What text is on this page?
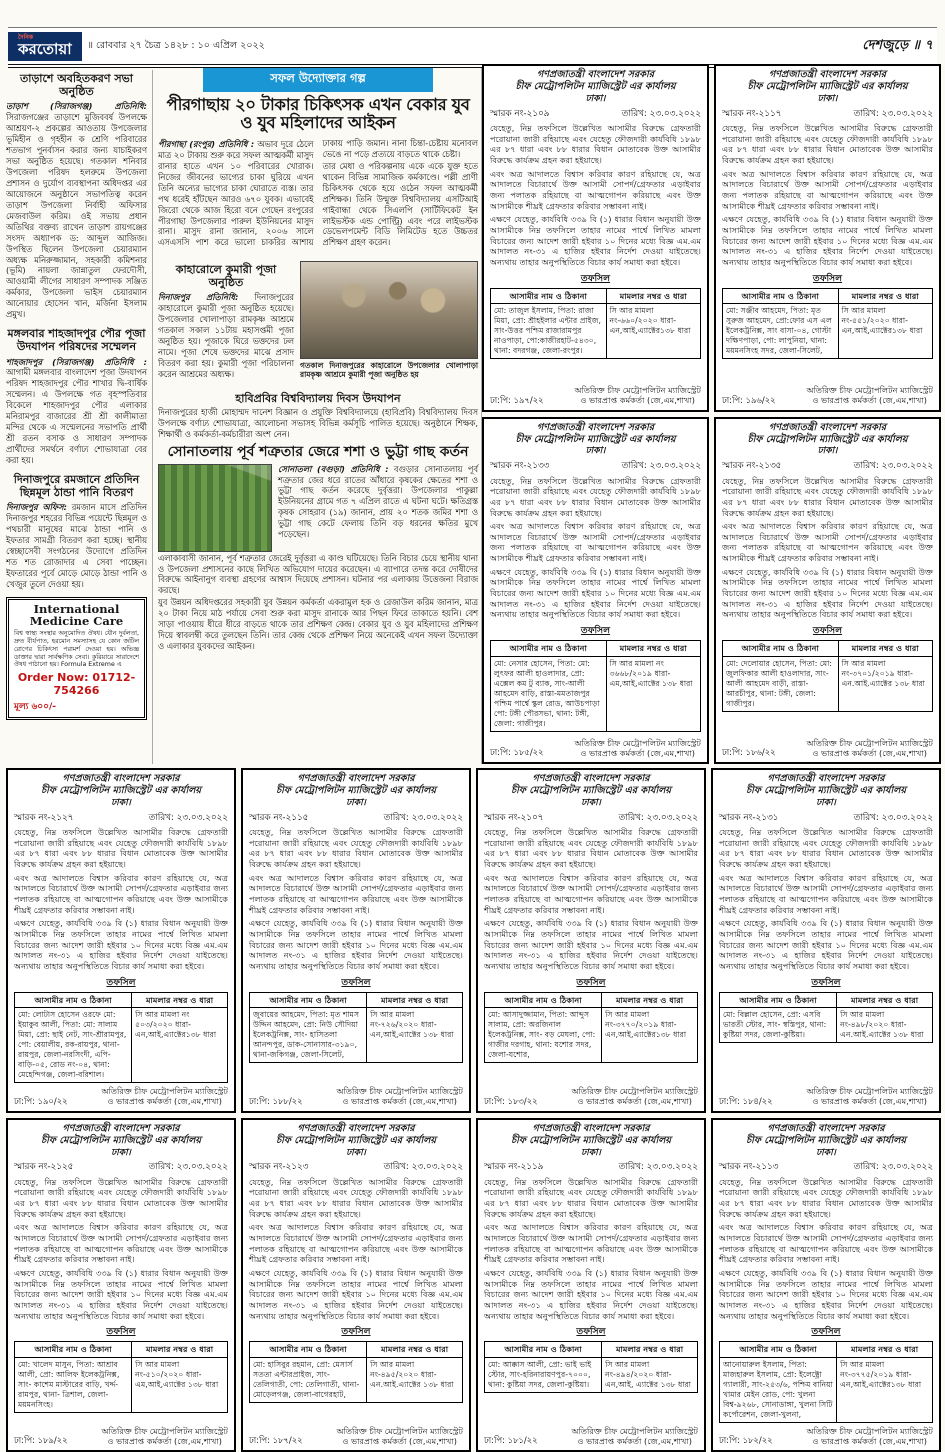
দৈনিক
করতোয়া	॥ রোববার ২৭ চৈত্র ১৪২৮ : ১০ এপ্রিল ২০২২	দেশজুড়ে ॥ ৭
তাড়াশে অবহিতকরণ সভা অনুষ্ঠিত

তাড়াশ (সিরাজগঞ্জ) প্রতিনিধি: সিরাজগঞ্জের তাড়াশে মুজিববর্ষ উপলক্ষে আশ্রয়ণ-২ প্রকল্পের আওতায় উপজেলার ভূমিহীন ও গৃহহীন ক শ্রেণি পরিবারের শতভাগ পুনর্বাসন করার জন্য যাচাইকরণ সভা অনুষ্ঠিত হয়েছে। গতকাল শনিবার উপজেলা পরিষদ হলরুমে উপজেলা প্রশাসন ও দুর্যোগ ব্যবস্থাপনা অধিদপ্তর এর আয়োজনে অনুষ্ঠানে সভাপতিত্ব করেন তাড়াশ উপজেলা নির্বাহী অফিসার মেজবাউল করিম। ওই সভায় প্রধান অতিথির বক্তব্য রাখেন তাড়াশ রায়গঞ্জের সংসদ অধ্যাপক ড: আব্দুল আজিজ। উপস্থিত ছিলেন উপজেলা চেয়ারম্যান অধ্যক্ষ মনিরুজ্জামান, সহকারী কমিশনার (ভূমি) নায়লা জান্নাতুল ফেরদৌসী, আওয়ামী লীগের সাধারণ সম্পাদক সঞ্জিত কর্মকার, উপজেলা ভাইস চেয়ারম্যান আনোয়ার হোসেন খান, মর্জিনা ইসলাম প্রমুখ।

মঙ্গলবার শাহজাদপুর পৌর পূজা উদযাপন পরিষদের সম্মেলন

শাহজাদপুর (সিরাজগঞ্জ) প্রতিনিধি : আগামী মঙ্গলবার বাংলাদেশ পূজা উদযাপন পরিষদ শাহজাদপুর পৌর শাখার দ্বি-বার্ষিক সম্মেলন। এ উপলক্ষে গত বৃহস্পতিবার বিকেলে শাহজাদপুর পৌর এলাকার মনিরামপুর বাজারের শ্রী শ্রী কালীমাতা মন্দির থেকে এ সম্মেলনের সভাপতি প্রার্থী শ্রী রতন বসাক ও সাধারণ সম্পাদক প্রার্থীদের সমর্থনে বর্ণাঢ্য শোভাযাত্রা বের করা হয়।

দিনাজপুরে রমজানে প্রতিদিন ছিন্নমূল ঠান্ডা পানি বিতরণ

দিনাজপুর অফিস: রমজান মাসে প্রতিদিন দিনাজপুর শহরের বিভিন্ন পয়েন্টে ছিন্নমূল ও পথচারী মানুষের মাঝে ঠান্ডা পানি ও ইফতার সামগ্রী বিতরণ করা হচ্ছে। স্থানীয় স্বেচ্ছাসেবী সংগঠনের উদ্যোগে প্রতিদিন শত শত রোজাদার এ সেবা পাচ্ছেন। ইফতারের পূর্বে মোড়ে মোড়ে ঠান্ডা পানি ও খেজুর তুলে দেওয়া হয়।

International Medicine Care
বিশ্ব স্বাস্থ্য সংস্থার অনুমোদিত ঔষধ। যৌন দুর্বলতা, দ্রুত বীর্যপাত, হরমোন সমস্যাসহ যে কোন জটিল রোগের চিকিৎসা পরামর্শ দেওয়া হয়। অভিজ্ঞ ডাক্তার দ্বারা সার্বক্ষণিক সেবা। কুরিয়ারে সারাদেশে ঔষধ পাঠানো হয়। Formula Extreme এ
Order Now: 01712-754266
মূল্য ৬০০/-
সফল উদ্যোক্তার গল্প
পীরগাছায় ২০ টাকার চিকিৎসক এখন বেকার যুব ও যুব মহিলাদের আইকন

পীরগাছা (রংপুর) প্রতিনিধি : অভাব দূরে ঠেলে মাত্র ২০ টাকায় শুরু করে সফল আত্মকর্মী মাসুদ রানার হাতে এখন ১০ পরিবারের খোরাক। নিজের জীবনের ভাগ্যের চাকা ঘুরিয়ে এখন তিনি অন্যের ভাগ্যের চাকা ঘোরাতে ব্যস্ত। তার পথ ধরেই হাঁটছেন আরও ৬৭০ যুবক। এভাবেই জিরো থেকে আজ হিরো বনে গেছেন রংপুরের পীরগাছা উপজেলার পারুল ইউনিয়নের মাসুদ রানা। মাসুদ রানা জানান, ২০০৬ সালে এসএসসি পাশ করে ভালো চাকরির আশায় ঢাকায় পাড়ি জমান। নানা চিন্তা-চেষ্টায় মনোবল ভেঙে না পড়ে প্রত্যয়ে বাড়তে থাকে চেষ্টা।

তার মেধা ও পরিকল্পনায় একে একে যুক্ত হতে থাকেন বিভিন্ন সামাজিক কর্মকাণ্ডে। পল্লী প্রাণী চিকিৎসক থেকে হয়ে ওঠেন সফল আত্মকর্মী প্রশিক্ষক। তিনি উন্মুক্ত বিশ্ববিদ্যালয় এসটিআই গাইবান্ধা থেকে সিএলপি (সার্টিফিকেট ইন লাইভস্টক এন্ড পোল্ট্রি) এবং পরে লাইভস্টক ডেভেলপমেন্ট বিডি লিমিটেড হতে উচ্চতর প্রশিক্ষণ গ্রহণ করেন।

কাহারোলে কুমারী পূজা অনুষ্ঠিত

দিনাজপুর প্রতিনিধি: দিনাজপুরের কাহারোলে কুমারী পূজা অনুষ্ঠিত হয়েছে। উপজেলার খোলাপাড়া রামকৃষ্ণ আশ্রমে গতকাল সকাল ১১টায় মহাসপ্তমী পূজা অনুষ্ঠিত হয়। পূজাকে ঘিরে ভক্তদের ঢল নামে। পূজা শেষে ভক্তদের মাঝে প্রসাদ বিতরণ করা হয়। কুমারী পূজা পরিচালনা করেন আশ্রমের অধ্যক্ষ।

গতকাল দিনাজপুরের কাহারোলে উপজেলার খোলাপাড়া রামকৃষ্ণ আশ্রমে কুমারী পূজা অনুষ্ঠিত হয়
হাবিপ্রবির বিশ্ববিদ্যালয় দিবস উদযাপন

দিনাজপুরের হাজী মোহাম্মদ দানেশ বিজ্ঞান ও প্রযুক্তি বিশ্ববিদ্যালয়ে (হাবিপ্রবি) বিশ্ববিদ্যালয় দিবস উপলক্ষে বর্ণাঢ্য শোভাযাত্রা, আলোচনা সভাসহ বিভিন্ন কর্মসূচি পালিত হয়েছে। অনুষ্ঠানে শিক্ষক, শিক্ষার্থী ও কর্মকর্তা-কর্মচারীরা অংশ নেন।

সোনাতলায় পূর্ব শত্রুতার জেরে শশা ও ভুট্টা গাছ কর্তন

সোনাতলা (বগুড়া) প্রতিনিধি : বগুড়ার সোনাতলায় পূর্ব শত্রুতার জের ধরে রাতের আঁধারে কৃষকের ক্ষেতের শশা ও ভুট্টা গাছ কর্তন করেছে দুর্বৃত্তরা। উপজেলার পাকুল্লা ইউনিয়নের গ্রামে গত ৭ এপ্রিল রাতে এ ঘটনা ঘটে। ক্ষতিগ্রস্ত কৃষক সোহরাব (১৯) জানান, প্রায় ২০ শতক জমির শশা ও ভুট্টা গাছ কেটে ফেলায় তিনি বড় ধরনের ক্ষতির মুখে পড়েছেন।

এলাকাবাসী জানান, পূর্ব শত্রুতার জেরেই দুর্বৃত্তরা এ কাণ্ড ঘটিয়েছে। তিনি বিচার চেয়ে স্থানীয় থানা ও উপজেলা প্রশাসনের কাছে লিখিত অভিযোগ দায়ের করেছেন। এ ব্যাপারে তদন্ত করে দোষীদের বিরুদ্ধে আইনানুগ ব্যবস্থা গ্রহণের আশ্বাস দিয়েছে প্রশাসন। ঘটনার পর এলাকায় উত্তেজনা বিরাজ করছে।

যুব উন্নয়ন অধিদপ্তরের সহকারী যুব উন্নয়ন কর্মকর্তা একরামুল হক ও রেজাউল করিম জানান, মাত্র ২০ টাকা নিয়ে মাঠ পর্যায়ে সেবা শুরু করা মাসুদ রানাকে আর পিছন ফিরে তাকাতে হয়নি। বেশ সাড়া পাওয়ায় ধীরে ধীরে বাড়তে থাকে তার প্রশিক্ষণ কেন্দ্র। বেকার যুব ও যুব মহিলাদের প্রশিক্ষণ দিয়ে স্বাবলম্বী করে তুলছেন তিনি। তার কেন্দ্র থেকে প্রশিক্ষণ নিয়ে অনেকেই এখন সফল উদ্যোক্তা ও এলাকার যুবকদের আইকন।

গণপ্রজাতন্ত্রী বাংলাদেশ সরকার
চীফ মেট্রোপলিটন ম্যাজিস্ট্রেট এর কার্যালয়
ঢাকা।
স্মারক নং-২১০৯	তারিখ: ২৩.০৩.২০২২

যেহেতু, নিম্ন তফসিলে উল্লেখিত আসামীর বিরুদ্ধে গ্রেফতারী পরোয়ানা জারী রহিয়াছে এবং যেহেতু ফৌজদারী কার্যবিধি ১৮৯৮ এর ৮৭ ধারা এবং ৮৮ ধারার বিধান মোতাবেক উক্ত আসামীর বিরুদ্ধে কার্যক্রম গ্রহন করা হইয়াছে।

এবং অত্র আদালতে বিশ্বাস করিবার কারণ রহিয়াছে যে, অত্র আদালতে বিচারার্থে উক্ত আসামী সোপর্দ/গ্রেফতার এড়াইবার জন্য পলাতক রহিয়াছে বা আত্মগোপন করিয়াছে এবং উক্ত আসামীকে শীঘ্রই গ্রেফতার করিবার সম্ভাবনা নাই।

এক্ষণে যেহেতু, কার্যবিধি ৩৩৯ বি (১) ধারার বিধান অনুযায়ী উক্ত আসামীকে নিম্ন তফসিলে তাহার নামের পার্শ্বে লিখিত মামলা বিচারের জন্য আদেশ জারী হইবার ১০ দিনের মধ্যে বিজ্ঞ এম.এম আদালত নং-৩১ এ হাজির হইবার নির্দেশ দেওয়া যাইতেছে। অন্যথায় তাহার অনুপস্থিতিতে বিচার কার্য সমাধা করা হইবে।

তফসিল
আসামীর নাম ও ঠিকানা	মামলার নম্বর ও ধারা
মো: তাজুল ইসলাম, পিতা: রাজা মিয়া, প্রো: শ্রীহইলার এন্টার প্রাইজ, সাং-উত্তর পশ্চিম রাজারামপুর নাওপাড়া, পো:কাজীরহাট-৫৪৩০, থানা: বদরগঞ্জ, জেলা-রংপুর।	সি আর মামলা নং-৬৬০/২০২০ ধারা-এন,আই,এ্যাক্টের১৩৮ ধারা
ঢা:পি: ১৯৭/২২
অতিরিক্ত চীফ মেট্রোপলিটন ম্যাজিস্ট্রেট
ও ভারপ্রাপ্ত কর্মকর্তা (জে,এম,শাখা)
গণপ্রজাতন্ত্রী বাংলাদেশ সরকার
চীফ মেট্রোপলিটন ম্যাজিস্ট্রেট এর কার্যালয়
ঢাকা।
স্মারক নং-২১১৭	তারিখ: ২৩.০৩.২০২২

যেহেতু, নিম্ন তফসিলে উল্লেখিত আসামীর বিরুদ্ধে গ্রেফতারী পরোয়ানা জারী রহিয়াছে এবং যেহেতু ফৌজদারী কার্যবিধি ১৮৯৮ এর ৮৭ ধারা এবং ৮৮ ধারার বিধান মোতাবেক উক্ত আসামীর বিরুদ্ধে কার্যক্রম গ্রহন করা হইয়াছে।

এবং অত্র আদালতে বিশ্বাস করিবার কারণ রহিয়াছে যে, অত্র আদালতে বিচারার্থে উক্ত আসামী সোপর্দ/গ্রেফতার এড়াইবার জন্য পলাতক রহিয়াছে বা আত্মগোপন করিয়াছে এবং উক্ত আসামীকে শীঘ্রই গ্রেফতার করিবার সম্ভাবনা নাই।

এক্ষণে যেহেতু, কার্যবিধি ৩৩৯ বি (১) ধারার বিধান অনুযায়ী উক্ত আসামীকে নিম্ন তফসিলে তাহার নামের পার্শ্বে লিখিত মামলা বিচারের জন্য আদেশ জারী হইবার ১০ দিনের মধ্যে বিজ্ঞ এম.এম আদালত নং-৩১ এ হাজির হইবার নির্দেশ দেওয়া যাইতেছে। অন্যথায় তাহার অনুপস্থিতিতে বিচার কার্য সমাধা করা হইবে।

তফসিল
আসামীর নাম ও ঠিকানা	মামলার নম্বর ও ধারা
মো: সঞ্জীব আহমেদ, পিতা: মৃত সুরুজ আহমেদ, প্রো:ফোর এস এল ইলেকট্রনিক্স, সাং বাসা-০৪, গোস্টা দক্ষিণপাড়া, পো: লাপুনিয়া, থানা: ময়মনসিংহ সদর, জেলা-সিলেট,	সি আর মামলা নং-৫৫১/২০২০ ধারা-এন,আই,এ্যাক্টের১৩৮ ধারা
ঢা:পি: ১৯৬/২২
অতিরিক্ত চীফ মেট্রোপলিটন ম্যাজিস্ট্রেট
ও ভারপ্রাপ্ত কর্মকর্তা (জে,এম,শাখা)
গণপ্রজাতন্ত্রী বাংলাদেশ সরকার
চীফ মেট্রোপলিটন ম্যাজিস্ট্রেট এর কার্যালয়
ঢাকা।
স্মারক নং-২১৩৩	তারিখ: ২৩.০৩.২০২২

যেহেতু, নিম্ন তফসিলে উল্লেখিত আসামীর বিরুদ্ধে গ্রেফতারী পরোয়ানা জারী রহিয়াছে এবং যেহেতু ফৌজদারী কার্যবিধি ১৮৯৮ এর ৮৭ ধারা এবং ৮৮ ধারার বিধান মোতাবেক উক্ত আসামীর বিরুদ্ধে কার্যক্রম গ্রহন করা হইয়াছে।

এবং অত্র আদালতে বিশ্বাস করিবার কারণ রহিয়াছে যে, অত্র আদালতে বিচারার্থে উক্ত আসামী সোপর্দ/গ্রেফতার এড়াইবার জন্য পলাতক রহিয়াছে বা আত্মগোপন করিয়াছে এবং উক্ত আসামীকে শীঘ্রই গ্রেফতার করিবার সম্ভাবনা নাই।

এক্ষণে যেহেতু, কার্যবিধি ৩৩৯ বি (১) ধারার বিধান অনুযায়ী উক্ত আসামীকে নিম্ন তফসিলে তাহার নামের পার্শ্বে লিখিত মামলা বিচারের জন্য আদেশ জারী হইবার ১০ দিনের মধ্যে বিজ্ঞ এম.এম আদালত নং-৩১ এ হাজির হইবার নির্দেশ দেওয়া যাইতেছে। অন্যথায় তাহার অনুপস্থিতিতে বিচার কার্য সমাধা করা হইবে।

তফসিল
আসামীর নাম ও ঠিকানা	মামলার নম্বর ও ধারা
মো: নেসার হোসেন, পিতা: মো: লুৎফর আলী হাওলাদার, প্রো: এক্সেল কম টু ব্যাক, সাং-আলী আহমেদ বাড়ি, রাস্তা-মমতাজপুর পশ্চিম পার্শ্বে স্কুল রোড, আউচপাড়া পো: টঙ্গী পৌরসভা, থানা: টঙ্গী, জেলা: গাজীপুর।	সি আর মামলা নং ৩৬৬৮/২০১৯ ধারা-এম,আই,এ্যাক্টের ১৩৮ ধারা
ঢা:পি: ১৮৫/২২
অতিরিক্ত চীফ মেট্রোপলিটন ম্যাজিস্ট্রেট
ও ভারপ্রাপ্ত কর্মকর্তা (জে,এম,শাখা)
গণপ্রজাতন্ত্রী বাংলাদেশ সরকার
চীফ মেট্রোপলিটন ম্যাজিস্ট্রেট এর কার্যালয়
ঢাকা।
স্মারক নং-২১৩৫	তারিখ: ২৩.০৩.২০২২

যেহেতু, নিম্ন তফসিলে উল্লেখিত আসামীর বিরুদ্ধে গ্রেফতারী পরোয়ানা জারী রহিয়াছে এবং যেহেতু ফৌজদারী কার্যবিধি ১৮৯৮ এর ৮৭ ধারা এবং ৮৮ ধারার বিধান মোতাবেক উক্ত আসামীর বিরুদ্ধে কার্যক্রম গ্রহন করা হইয়াছে।

এবং অত্র আদালতে বিশ্বাস করিবার কারণ রহিয়াছে যে, অত্র আদালতে বিচারার্থে উক্ত আসামী সোপর্দ/গ্রেফতার এড়াইবার জন্য পলাতক রহিয়াছে বা আত্মগোপন করিয়াছে এবং উক্ত আসামীকে শীঘ্রই গ্রেফতার করিবার সম্ভাবনা নাই।

এক্ষণে যেহেতু, কার্যবিধি ৩৩৯ বি (১) ধারার বিধান অনুযায়ী উক্ত আসামীকে নিম্ন তফসিলে তাহার নামের পার্শ্বে লিখিত মামলা বিচারের জন্য আদেশ জারী হইবার ১০ দিনের মধ্যে বিজ্ঞ এম.এম আদালত নং-৩১ এ হাজির হইবার নির্দেশ দেওয়া যাইতেছে। অন্যথায় তাহার অনুপস্থিতিতে বিচার কার্য সমাধা করা হইবে।

তফসিল
আসামীর নাম ও ঠিকানা	মামলার নম্বর ও ধারা
মো: দেলোয়ার হোসেন, পিতা: মো: জুলফিকার আলী হাওলাদার, সাং-আলী আহমেদ বাড়ী, রাস্তা- আরচীপুর, থানা: টঙ্গী, জেলা: গাজীপুর।	সি আর মামলা নং-৩৭০১/২০১৯ ধারা-এন.আই.এ্যাক্টের ১৩৮ ধারা
ঢা:পি: ১৮৬/২২
অতিরিক্ত চীফ মেট্রোপলিটন ম্যাজিস্ট্রেট
ও ভারপ্রাপ্ত কর্মকর্তা (জে,এম,শাখা)
গণপ্রজাতন্ত্রী বাংলাদেশ সরকার
চীফ মেট্রোপলিটন ম্যাজিস্ট্রেট এর কার্যালয়
ঢাকা।
স্মারক নং-২১২৭	তারিখ: ২৩.০৩.২০২২

যেহেতু, নিম্ন তফসিলে উল্লেখিত আসামীর বিরুদ্ধে গ্রেফতারী পরোয়ানা জারী রহিয়াছে এবং যেহেতু ফৌজদারী কার্যবিধি ১৮৯৮ এর ৮৭ ধারা এবং ৮৮ ধারার বিধান মোতাবেক উক্ত আসামীর বিরুদ্ধে কার্যক্রম গ্রহন করা হইয়াছে।

এবং অত্র আদালতে বিশ্বাস করিবার কারণ রহিয়াছে যে, অত্র আদালতে বিচারার্থে উক্ত আসামী সোপর্দ/গ্রেফতার এড়াইবার জন্য পলাতক রহিয়াছে বা আত্মগোপন করিয়াছে এবং উক্ত আসামীকে শীঘ্রই গ্রেফতার করিবার সম্ভাবনা নাই।

এক্ষণে যেহেতু, কার্যবিধি ৩৩৯ বি (১) ধারার বিধান অনুযায়ী উক্ত আসামীকে নিম্ন তফসিলে তাহার নামের পার্শ্বে লিখিত মামলা বিচারের জন্য আদেশ জারী হইবার ১০ দিনের মধ্যে বিজ্ঞ এম.এম আদালত নং-৩১ এ হাজির হইবার নির্দেশ দেওয়া যাইতেছে। অন্যথায় তাহার অনুপস্থিতিতে বিচার কার্য সমাধা করা হইবে।

তফসিল
আসামীর নাম ও ঠিকানা	মামলার নম্বর ও ধারা
মো: লোটাস হোসেন ওরফে মো: ইয়াকুব আলী, পিতা: মো: সালাম মিয়া, প্রো: ছাই নেট, সাং-শ্রীরামপুর, পো: বেয়ালীয়, রক-রায়পুর, থানা-রায়পুর, জেলা-নরসিংদী, এপি-বাড়ি-০৫, রোড নং-০৪, থানা: মেহেন্দিগঞ্জ, জেলা-বরিশাল।	সি আর মামলা নং ৫০৩/২০২০ ধারা-এন,আই,এ্যাক্টের১৩৮ ধারা
ঢা:পি: ১৯০/২২
অতিরিক্ত চীফ মেট্রোপলিটন ম্যাজিস্ট্রেট
ও ভারপ্রাপ্ত কর্মকর্তা (জে,এম,শাখা)
গণপ্রজাতন্ত্রী বাংলাদেশ সরকার
চীফ মেট্রোপলিটন ম্যাজিস্ট্রেট এর কার্যালয়
ঢাকা।
স্মারক নং-২১১৫	তারিখ: ২৩.০৩.২০২২

যেহেতু, নিম্ন তফসিলে উল্লেখিত আসামীর বিরুদ্ধে গ্রেফতারী পরোয়ানা জারী রহিয়াছে এবং যেহেতু ফৌজদারী কার্যবিধি ১৮৯৮ এর ৮৭ ধারা এবং ৮৮ ধারার বিধান মোতাবেক উক্ত আসামীর বিরুদ্ধে কার্যক্রম গ্রহন করা হইয়াছে।

এবং অত্র আদালতে বিশ্বাস করিবার কারণ রহিয়াছে যে, অত্র আদালতে বিচারার্থে উক্ত আসামী সোপর্দ/গ্রেফতার এড়াইবার জন্য পলাতক রহিয়াছে বা আত্মগোপন করিয়াছে এবং উক্ত আসামীকে শীঘ্রই গ্রেফতার করিবার সম্ভাবনা নাই।

এক্ষণে যেহেতু, কার্যবিধি ৩৩৯ বি (১) ধারার বিধান অনুযায়ী উক্ত আসামীকে নিম্ন তফসিলে তাহার নামের পার্শ্বে লিখিত মামলা বিচারের জন্য আদেশ জারী হইবার ১০ দিনের মধ্যে বিজ্ঞ এম.এম আদালত নং-৩১ এ হাজির হইবার নির্দেশ দেওয়া যাইতেছে। অন্যথায় তাহার অনুপস্থিতিতে বিচার কার্য সমাধা করা হইবে।

তফসিল
আসামীর নাম ও ঠিকানা	মামলার নম্বর ও ধারা
জুবায়ের আহমেদ, পিতা: মৃত শামস উদ্দিন আহমেদ, প্রো: নিউ সৌদিয়া ইলেকট্রনিক্স, সাং- হাসিতলা আনন্দপুর, ডাক-সোনাসার-৩১৯০, থানা-জকিগঞ্জ, জেলা-সিলেট,	সি আর মামলা নং-৭২৬/২০২০ ধারা-এন,আই,এ্যাক্টের ১৩৮ ধারা
ঢা:পি: ১৮৮/২২
অতিরিক্ত চীফ মেট্রোপলিটন ম্যাজিস্ট্রেট
ও ভারপ্রাপ্ত কর্মকর্তা (জে,এম,শাখা)
গণপ্রজাতন্ত্রী বাংলাদেশ সরকার
চীফ মেট্রোপলিটন ম্যাজিস্ট্রেট এর কার্যালয়
ঢাকা।
স্মারক নং-২১০৭	তারিখ: ২৩.০৩.২০২২

যেহেতু, নিম্ন তফসিলে উল্লেখিত আসামীর বিরুদ্ধে গ্রেফতারী পরোয়ানা জারী রহিয়াছে এবং যেহেতু ফৌজদারী কার্যবিধি ১৮৯৮ এর ৮৭ ধারা এবং ৮৮ ধারার বিধান মোতাবেক উক্ত আসামীর বিরুদ্ধে কার্যক্রম গ্রহন করা হইয়াছে।

এবং অত্র আদালতে বিশ্বাস করিবার কারণ রহিয়াছে যে, অত্র আদালতে বিচারার্থে উক্ত আসামী সোপর্দ/গ্রেফতার এড়াইবার জন্য পলাতক রহিয়াছে বা আত্মগোপন করিয়াছে এবং উক্ত আসামীকে শীঘ্রই গ্রেফতার করিবার সম্ভাবনা নাই।

এক্ষণে যেহেতু, কার্যবিধি ৩৩৯ বি (১) ধারার বিধান অনুযায়ী উক্ত আসামীকে নিম্ন তফসিলে তাহার নামের পার্শ্বে লিখিত মামলা বিচারের জন্য আদেশ জারী হইবার ১০ দিনের মধ্যে বিজ্ঞ এম.এম আদালত নং-৩১ এ হাজির হইবার নির্দেশ দেওয়া যাইতেছে। অন্যথায় তাহার অনুপস্থিতিতে বিচার কার্য সমাধা করা হইবে।

তফসিল
আসামীর নাম ও ঠিকানা	মামলার নম্বর ও ধারা
মো: আসাদুজ্জামান, পিতা: আব্দুস সালাম, প্রো: অরজিনাল ইলেকট্রনিক্স, সাং- বড় মেঘলা, পো: গাজীর দরগাহ, থানা: যশোর সদর, জেলা-যশোর,	সি আর মামলা নং-৩৭৭০/২০১৯ ধারা-এন,আই,এ্যাক্টের১৩৮ ধারা
ঢা:পি: ১৮৩/২২
অতিরিক্ত চীফ মেট্রোপলিটন ম্যাজিস্ট্রেট
ও ভারপ্রাপ্ত কর্মকর্তা (জে,এম,শাখা)
গণপ্রজাতন্ত্রী বাংলাদেশ সরকার
চীফ মেট্রোপলিটন ম্যাজিস্ট্রেট এর কার্যালয়
ঢাকা।
স্মারক নং-২১৩১	তারিখ: ২৩.০৩.২০২২

যেহেতু, নিম্ন তফসিলে উল্লেখিত আসামীর বিরুদ্ধে গ্রেফতারী পরোয়ানা জারী রহিয়াছে এবং যেহেতু ফৌজদারী কার্যবিধি ১৮৯৮ এর ৮৭ ধারা এবং ৮৮ ধারার বিধান মোতাবেক উক্ত আসামীর বিরুদ্ধে কার্যক্রম গ্রহন করা হইয়াছে।

এবং অত্র আদালতে বিশ্বাস করিবার কারণ রহিয়াছে যে, অত্র আদালতে বিচারার্থে উক্ত আসামী সোপর্দ/গ্রেফতার এড়াইবার জন্য পলাতক রহিয়াছে বা আত্মগোপন করিয়াছে এবং উক্ত আসামীকে শীঘ্রই গ্রেফতার করিবার সম্ভাবনা নাই।

এক্ষণে যেহেতু, কার্যবিধি ৩৩৯ বি (১) ধারার বিধান অনুযায়ী উক্ত আসামীকে নিম্ন তফসিলে তাহার নামের পার্শ্বে লিখিত মামলা বিচারের জন্য আদেশ জারী হইবার ১০ দিনের মধ্যে বিজ্ঞ এম.এম আদালত নং-৩১ এ হাজির হইবার নির্দেশ দেওয়া যাইতেছে। অন্যথায় তাহার অনুপস্থিতিতে বিচার কার্য সমাধা করা হইবে।

তফসিল
আসামীর নাম ও ঠিকানা	মামলার নম্বর ও ধারা
মো: বিল্লাল হোসেন, প্রো: এসবি ভারতী স্টোর, সাং- স্বস্তিপুর, থানা: কুষ্টিয়া সদর, জেলা-কুষ্টিয়া।	সি আর মামলা নং-৪৯৮/২০২০ ধারা-এন.আই.এ্যাক্টের ১৩৮ ধারা
ঢা:পি: ১৮৪/২২
অতিরিক্ত চীফ মেট্রোপলিটন ম্যাজিস্ট্রেট
ও ভারপ্রাপ্ত কর্মকর্তা (জে,এম,শাখা)
গণপ্রজাতন্ত্রী বাংলাদেশ সরকার
চীফ মেট্রোপলিটন ম্যাজিস্ট্রেট এর কার্যালয়
ঢাকা।
স্মারক নং-২১২৫	তারিখ: ২৩.০৩.২০২২

যেহেতু, নিম্ন তফসিলে উল্লেখিত আসামীর বিরুদ্ধে গ্রেফতারী পরোয়ানা জারী রহিয়াছে এবং যেহেতু ফৌজদারী কার্যবিধি ১৮৯৮ এর ৮৭ ধারা এবং ৮৮ ধারার বিধান মোতাবেক উক্ত আসামীর বিরুদ্ধে কার্যক্রম গ্রহন করা হইয়াছে।

এবং অত্র আদালতে বিশ্বাস করিবার কারণ রহিয়াছে যে, অত্র আদালতে বিচারার্থে উক্ত আসামী সোপর্দ/গ্রেফতার এড়াইবার জন্য পলাতক রহিয়াছে বা আত্মগোপন করিয়াছে এবং উক্ত আসামীকে শীঘ্রই গ্রেফতার করিবার সম্ভাবনা নাই।

এক্ষণে যেহেতু, কার্যবিধি ৩৩৯ বি (১) ধারার বিধান অনুযায়ী উক্ত আসামীকে নিম্ন তফসিলে তাহার নামের পার্শ্বে লিখিত মামলা বিচারের জন্য আদেশ জারী হইবার ১০ দিনের মধ্যে বিজ্ঞ এম.এম আদালত নং-৩১ এ হাজির হইবার নির্দেশ দেওয়া যাইতেছে। অন্যথায় তাহার অনুপস্থিতিতে বিচার কার্য সমাধা করা হইবে।

তফসিল
আসামীর নাম ও ঠিকানা	মামলার নম্বর ও ধারা
মো: খালেদ মাসুন, পিতা: আশ্রাব আলী, প্রো: আলিফ ইলেকট্রনিক্স, সাং- কাশেম মাস্টারের বাড়ি, খর্দ্দ-রামপুর, থানা- ত্রিশাল, জেলা-ময়মনসিংহ।	সি আর মামলা নং-৫১০/২০২০ ধারা-এম,আই,এ্যাক্টের ১৩৮ ধারা
ঢা:পি: ১৮৯/২২
অতিরিক্ত চীফ মেট্রোপলিটন ম্যাজিস্ট্রেট
ও ভারপ্রাপ্ত কর্মকর্তা (জে,এম,শাখা)
গণপ্রজাতন্ত্রী বাংলাদেশ সরকার
চীফ মেট্রোপলিটন ম্যাজিস্ট্রেট এর কার্যালয়
ঢাকা।
স্মারক নং-২১২৩	তারিখ: ২৩.০৩.২০২২

যেহেতু, নিম্ন তফসিলে উল্লেখিত আসামীর বিরুদ্ধে গ্রেফতারী পরোয়ানা জারী রহিয়াছে এবং যেহেতু ফৌজদারী কার্যবিধি ১৮৯৮ এর ৮৭ ধারা এবং ৮৮ ধারার বিধান মোতাবেক উক্ত আসামীর বিরুদ্ধে কার্যক্রম গ্রহন করা হইয়াছে।

এবং অত্র আদালতে বিশ্বাস করিবার কারণ রহিয়াছে যে, অত্র আদালতে বিচারার্থে উক্ত আসামী সোপর্দ/গ্রেফতার এড়াইবার জন্য পলাতক রহিয়াছে বা আত্মগোপন করিয়াছে এবং উক্ত আসামীকে শীঘ্রই গ্রেফতার করিবার সম্ভাবনা নাই।

এক্ষণে যেহেতু, কার্যবিধি ৩৩৯ বি (১) ধারার বিধান অনুযায়ী উক্ত আসামীকে নিম্ন তফসিলে তাহার নামের পার্শ্বে লিখিত মামলা বিচারের জন্য আদেশ জারী হইবার ১০ দিনের মধ্যে বিজ্ঞ এম.এম আদালত নং-৩১ এ হাজির হইবার নির্দেশ দেওয়া যাইতেছে। অন্যথায় তাহার অনুপস্থিতিতে বিচার কার্য সমাধা করা হইবে।

তফসিল
আসামীর নাম ও ঠিকানা	মামলার নম্বর ও ধারা
মো: হাসিবুর রহমান, প্রো: মেসার্স সততা এন্টারপ্রাইজ, সাং-তেলিগাতী, পো: তেলিগাতী, থানা- মোড়েলগঞ্জ, জেলা-বাগেরহাট,	সি আর মামলা নং-৪৯৫/২০২০ ধারা-এন.আই.এ্যাক্টের ১৩৮ ধারা
ঢা:পি: ১৮৭/২২
অতিরিক্ত চীফ মেট্রোপলিটন ম্যাজিস্ট্রেট
ও ভারপ্রাপ্ত কর্মকর্তা (জে,এম,শাখা)
গণপ্রজাতন্ত্রী বাংলাদেশ সরকার
চীফ মেট্রোপলিটন ম্যাজিস্ট্রেট এর কার্যালয়
ঢাকা।
স্মারক নং-২১১৯	তারিখ: ২৩.০৩.২০২২

যেহেতু, নিম্ন তফসিলে উল্লেখিত আসামীর বিরুদ্ধে গ্রেফতারী পরোয়ানা জারী রহিয়াছে এবং যেহেতু ফৌজদারী কার্যবিধি ১৮৯৮ এর ৮৭ ধারা এবং ৮৮ ধারার বিধান মোতাবেক উক্ত আসামীর বিরুদ্ধে কার্যক্রম গ্রহন করা হইয়াছে।

এবং অত্র আদালতে বিশ্বাস করিবার কারণ রহিয়াছে যে, অত্র আদালতে বিচারার্থে উক্ত আসামী সোপর্দ/গ্রেফতার এড়াইবার জন্য পলাতক রহিয়াছে বা আত্মগোপন করিয়াছে এবং উক্ত আসামীকে শীঘ্রই গ্রেফতার করিবার সম্ভাবনা নাই।

এক্ষণে যেহেতু, কার্যবিধি ৩৩৯ বি (১) ধারার বিধান অনুযায়ী উক্ত আসামীকে নিম্ন তফসিলে তাহার নামের পার্শ্বে লিখিত মামলা বিচারের জন্য আদেশ জারী হইবার ১০ দিনের মধ্যে বিজ্ঞ এম.এম আদালত নং-৩১ এ হাজির হইবার নির্দেশ দেওয়া যাইতেছে। অন্যথায় তাহার অনুপস্থিতিতে বিচার কার্য সমাধা করা হইবে।

তফসিল
আসামীর নাম ও ঠিকানা	মামলার নম্বর ও ধারা
মো: আক্কাস আলী, প্রো: ভাই ভাই স্টোর, সাং-হরিনারায়ণপুর-৭০০০, থানা: কুষ্টিয়া সদর, জেলা-কুষ্টিয়া।	সি আর মামলা নং-৪৯৪/২০২০ ধারা-এন,আই, এ্যাক্টের ১৩৮ ধারা
ঢা:পি: ১৮১/২২
অতিরিক্ত চীফ মেট্রোপলিটন ম্যাজিস্ট্রেট
ও ভারপ্রাপ্ত কর্মকর্তা (জে,এম,শাখা)
গণপ্রজাতন্ত্রী বাংলাদেশ সরকার
চীফ মেট্রোপলিটন ম্যাজিস্ট্রেট এর কার্যালয়
ঢাকা।
স্মারক নং-২১১৩	তারিখ: ২৩.০৩.২০২২

যেহেতু, নিম্ন তফসিলে উল্লেখিত আসামীর বিরুদ্ধে গ্রেফতারী পরোয়ানা জারী রহিয়াছে এবং যেহেতু ফৌজদারী কার্যবিধি ১৮৯৮ এর ৮৭ ধারা এবং ৮৮ ধারার বিধান মোতাবেক উক্ত আসামীর বিরুদ্ধে কার্যক্রম গ্রহন করা হইয়াছে।

এবং অত্র আদালতে বিশ্বাস করিবার কারণ রহিয়াছে যে, অত্র আদালতে বিচারার্থে উক্ত আসামী সোপর্দ/গ্রেফতার এড়াইবার জন্য পলাতক রহিয়াছে বা আত্মগোপন করিয়াছে এবং উক্ত আসামীকে শীঘ্রই গ্রেফতার করিবার সম্ভাবনা নাই।

এক্ষণে যেহেতু, কার্যবিধি ৩৩৯ বি (১) ধারার বিধান অনুযায়ী উক্ত আসামীকে নিম্ন তফসিলে তাহার নামের পার্শ্বে লিখিত মামলা বিচারের জন্য আদেশ জারী হইবার ১০ দিনের মধ্যে বিজ্ঞ এম.এম আদালত নং-৩১ এ হাজির হইবার নির্দেশ দেওয়া যাইতেছে। অন্যথায় তাহার অনুপস্থিতিতে বিচার কার্য সমাধা করা হইবে।

তফসিল
আসামীর নাম ও ঠিকানা	মামলার নম্বর ও ধারা
আনোয়ারুল ইসলাম, পিতা: মাজহারুল ইসলাম, প্রো: ইলেক্ট্রো গ্যালারী, সাং-২৫৩/৬, পশ্চিম বানিয়া খামার মেইন রোড, পো: খুলনা বিশ্ব-৯২৬৮, সোনাডাঙ্গা, খুলনা সিটি কর্পোরেশন, জেলা-খুলনা,	সি আর মামলা নং-৩৭৭৫/২০১৯ ধারা-এন,আই,এ্যাক্টের১৩৮ ধারা
ঢা:পি: ১৮২/২২
অতিরিক্ত চীফ মেট্রোপলিটন ম্যাজিস্ট্রেট
ও ভারপ্রাপ্ত কর্মকর্তা (জে,এম,শাখা)
